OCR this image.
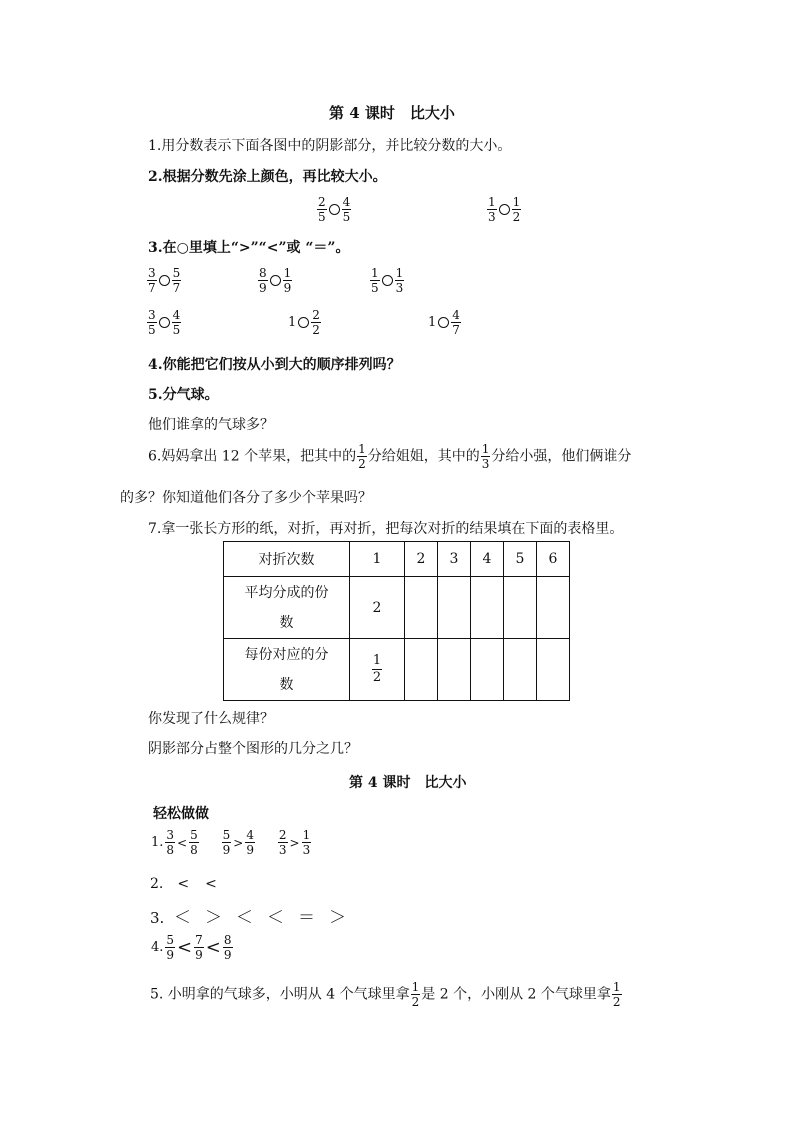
第 4 课时　比大小
1.用分数表示下面各图中的阴影部分，并比较分数的大小。
2.根据分数先涂上颜色，再比较大小。
$\frac{2}{5} \frac{4}{5}$	$\frac{1}{3} \frac{1}{2}$
3.在○里填上“>”“<”或 “＝”。
$\frac{3}{7} \frac{5}{7}$	$\frac{8}{9} \frac{1}{9}$	$\frac{1}{5} \frac{1}{3}$
$\frac{3}{5} \frac{4}{5}$	$1 \frac{2}{2}$	$1 \frac{4}{7}$
4.你能把它们按从小到大的顺序排列吗？
5.分气球。
他们谁拿的气球多？
6.妈妈拿出 12 个苹果，把其中的 $\frac{1}{2}$ 分给姐姐，其中的 $\frac{1}{3}$ 分给小强，他们俩谁分
的多？你知道他们各分了多少个苹果吗？
7.拿一张长方形的纸，对折，再对折，把每次对折的结果填在下面的表格里。
对折次数	1	2	3	4	5	6
平均分成的份
数	2					
每份对应的分
数	$\frac{1}{2}$

你发现了什么规律？
阴影部分占整个图形的几分之几？
第 4 课时　比大小
轻松做做
1. $\frac{3}{8} < \frac{5}{8}$
$\frac{5}{9} > \frac{4}{9}$
$\frac{2}{3} > \frac{1}{3}$
2. < <
3. ＜ ＞ ＜ ＜ ＝ ＞
4. $\frac{5}{9} < \frac{7}{9} < \frac{8}{9}$
5. 小明拿的气球多，小明从 4 个气球里拿 $\frac{1}{2}$ 是 2 个，小刚从 2 个气球里拿 $\frac{1}{2}$
